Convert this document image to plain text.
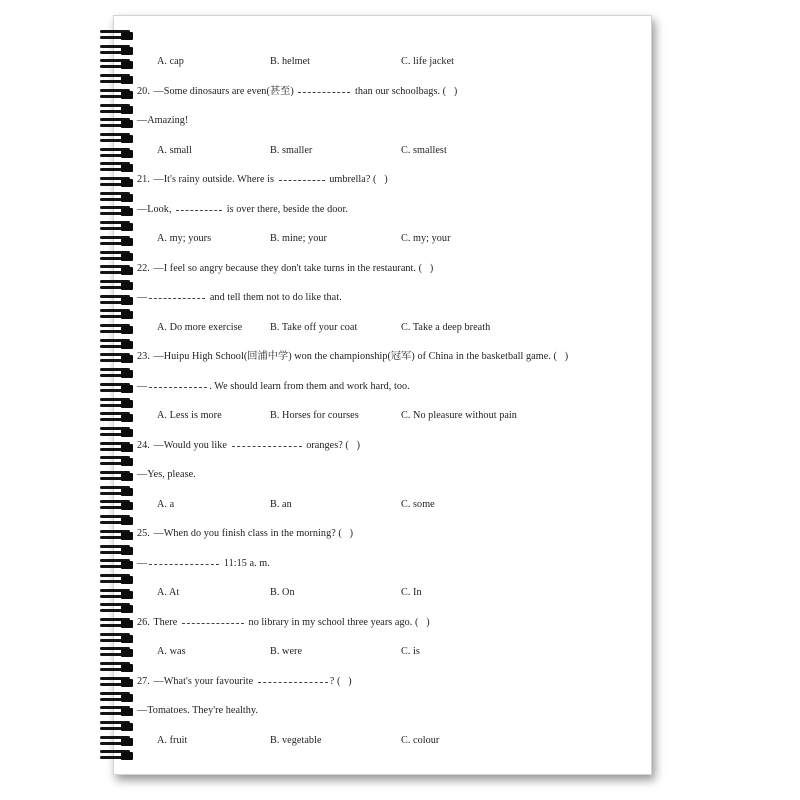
A. cap	B. helmet	C. life jacket
20. —Some dinosaurs are even(甚至)	than our schoolbags. (   )
—Amazing!
A. small	B. smaller	C. smallest
21. —It's rainy outside. Where is	umbrella? (   )
—Look,	is over there, beside the door.
A. my; yours	B. mine; your	C. my; your
22. —I feel so angry because they don't take turns in the restaurant. (   )
—	and tell them not to do like that.
A. Do more exercise	B. Take off your coat	C. Take a deep breath
23. —Huipu High School(回浦中学) won the championship(冠军) of China in the basketball game. (   )
—	. We should learn from them and work hard, too.
A. Less is more	B. Horses for courses	C. No pleasure without pain
24. —Would you like	oranges? (   )
—Yes, please.
A. a	B. an	C. some
25. —When do you finish class in the morning? (   )
—	11:15 a. m.
A. At	B. On	C. In
26. There	no library in my school three years ago. (   )
A. was	B. were	C. is
27. —What's your favourite	? (   )
—Tomatoes. They're healthy.
A. fruit	B. vegetable	C. colour
